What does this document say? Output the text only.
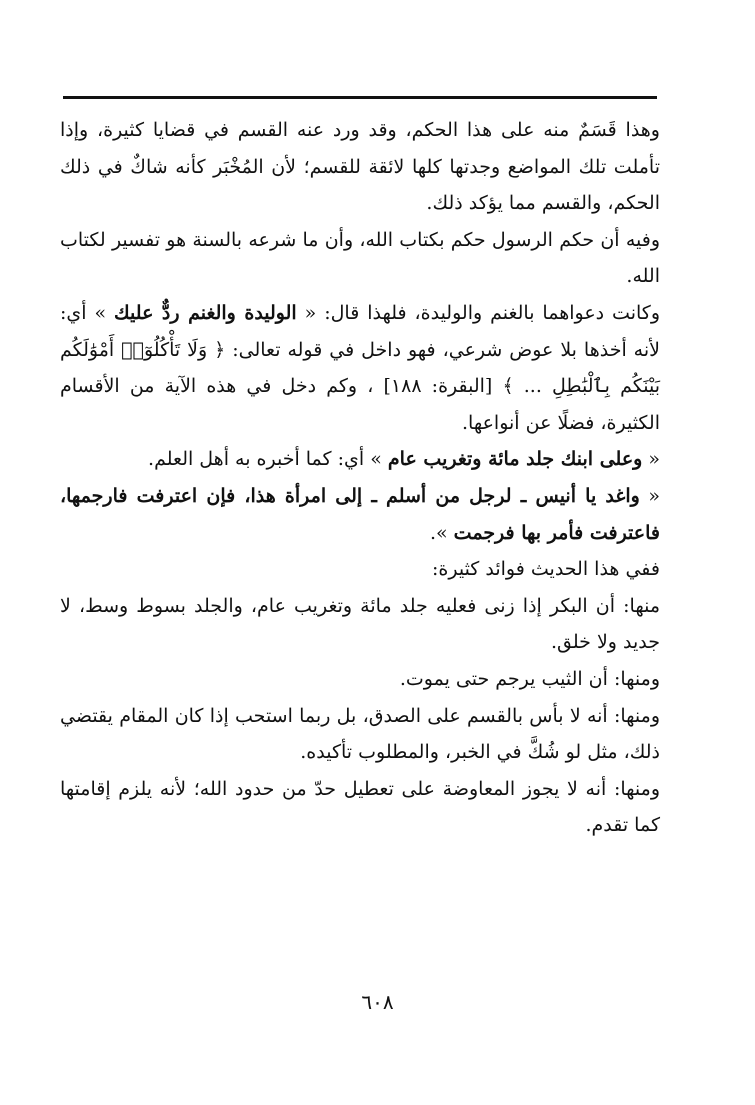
وهذا قَسَمٌ منه على هذا الحكم، وقد ورد عنه القسم في قضايا كثيرة، وإذا تأملت تلك المواضع وجدتها كلها لائقة للقسم؛ لأن المُخْبَر كأنه شاكٌ في ذلك الحكم، والقسم مما يؤكد ذلك.

وفيه أن حكم الرسول حكم بكتاب الله، وأن ما شرعه بالسنة هو تفسير لكتاب الله.

وكانت دعواهما بالغنم والوليدة، فلهذا قال: « الوليدة والغنم ردٌّ عليك » أي: لأنه أخذها بلا عوض شرعي، فهو داخل في قوله تعالى: ﴿ وَلَا تَأْكُلُوٓا۟ أَمْوَٰلَكُم بَيْنَكُم بِٱلْبَٰطِلِ ... ﴾ [البقرة: ١٨٨] ، وكم دخل في هذه الآية من الأقسام الكثيرة، فضلًا عن أنواعها.

« وعلى ابنك جلد مائة وتغريب عام » أي: كما أخبره به أهل العلم.

« واغد يا أنيس ـ لرجل من أسلم ـ إلى امرأة هذا، فإن اعترفت فارجمها، فاعترفت فأمر بها فرجمت ».

ففي هذا الحديث فوائد كثيرة:

منها: أن البكر إذا زنى فعليه جلد مائة وتغريب عام، والجلد بسوط وسط، لا جديد ولا خلق.

ومنها: أن الثيب يرجم حتى يموت.

ومنها: أنه لا بأس بالقسم على الصدق، بل ربما استحب إذا كان المقام يقتضي ذلك، مثل لو شُكَّ في الخبر، والمطلوب تأكيده.

ومنها: أنه لا يجوز المعاوضة على تعطيل حدّ من حدود الله؛ لأنه يلزم إقامتها كما تقدم.

٦٠٨
